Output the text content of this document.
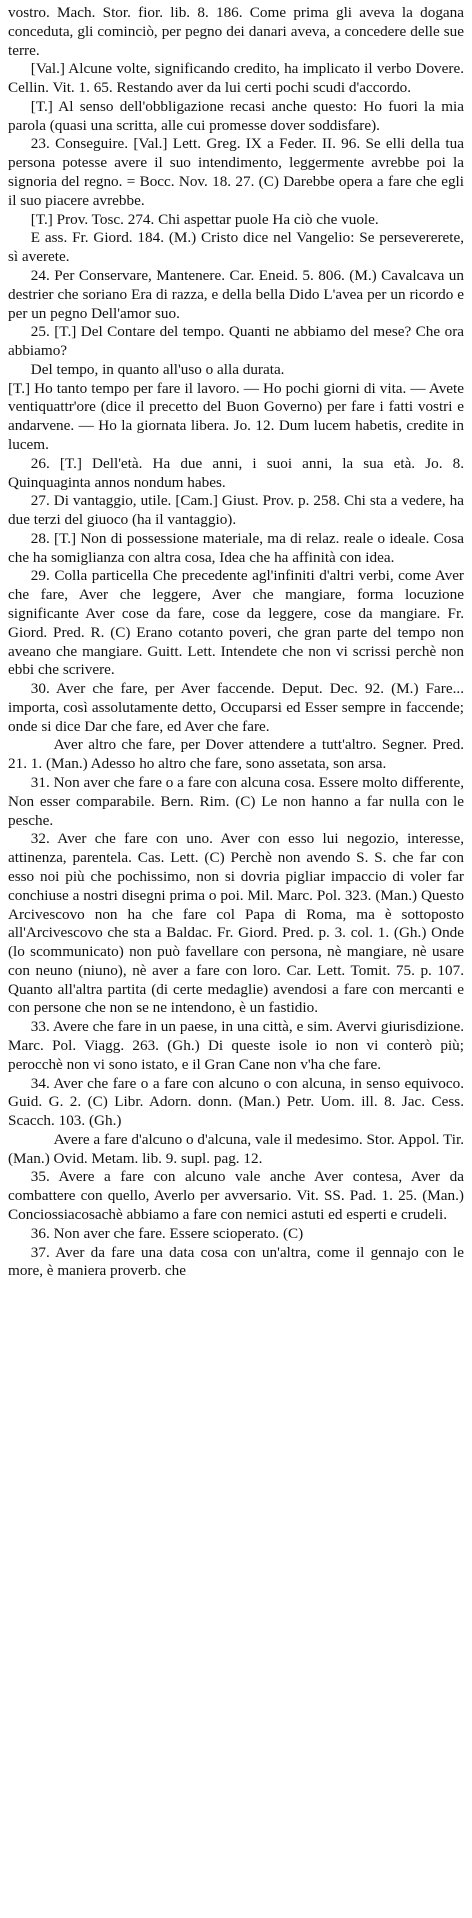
vostro. Mach. Stor. fior. lib. 8. 186. Come prima gli aveva la dogana conceduta, gli cominciò, per pegno dei danari aveva, a concedere delle sue terre.

[Val.] Alcune volte, significando credito, ha implicato il verbo Dovere. Cellin. Vit. 1. 65. Restando aver da lui certi pochi scudi d'accordo.

[T.] Al senso dell'obbligazione recasi anche questo: Ho fuori la mia parola (quasi una scritta, alle cui promesse dover soddisfare).

23. Conseguire. [Val.] Lett. Greg. IX a Feder. II. 96. Se elli della tua persona potesse avere il suo intendimento, leggermente avrebbe poi la signoria del regno. = Bocc. Nov. 18. 27. (C) Darebbe opera a fare che egli il suo piacere avrebbe.

[T.] Prov. Tosc. 274. Chi aspettar puole Ha ciò che vuole.

E ass. Fr. Giord. 184. (M.) Cristo dice nel Vangelio: Se persevererete, sì averete.

24. Per Conservare, Mantenere. Car. Eneid. 5. 806. (M.) Cavalcava un destrier che soriano Era di razza, e della bella Dido L'avea per un ricordo e per un pegno Dell'amor suo.

25. [T.] Del Contare del tempo. Quanti ne abbiamo del mese? Che ora abbiamo?

Del tempo, in quanto all'uso o alla durata.

[T.] Ho tanto tempo per fare il lavoro. — Ho pochi giorni di vita. — Avete ventiquattr'ore (dice il precetto del Buon Governo) per fare i fatti vostri e andarvene. — Ho la giornata libera. Jo. 12. Dum lucem habetis, credite in lucem.

26. [T.] Dell'età. Ha due anni, i suoi anni, la sua età. Jo. 8. Quinquaginta annos nondum habes.

27. Di vantaggio, utile. [Cam.] Giust. Prov. p. 258. Chi sta a vedere, ha due terzi del giuoco (ha il vantaggio).

28. [T.] Non di possessione materiale, ma di relaz. reale o ideale. Cosa che ha somiglianza con altra cosa, Idea che ha affinità con idea.

29. Colla particella Che precedente agl'infiniti d'altri verbi, come Aver che fare, Aver che leggere, Aver che mangiare, forma locuzione significante Aver cose da fare, cose da leggere, cose da mangiare. Fr. Giord. Pred. R. (C) Erano cotanto poveri, che gran parte del tempo non aveano che mangiare. Guitt. Lett. Intendete che non vi scrissi perchè non ebbi che scrivere.

30. Aver che fare, per Aver faccende. Deput. Dec. 92. (M.) Fare... importa, così assolutamente detto, Occuparsi ed Esser sempre in faccende; onde si dice Dar che fare, ed Aver che fare.

Aver altro che fare, per Dover attendere a tutt'altro. Segner. Pred. 21. 1. (Man.) Adesso ho altro che fare, sono assetata, son arsa.

31. Non aver che fare o a fare con alcuna cosa. Essere molto differente, Non esser comparabile. Bern. Rim. (C) Le non hanno a far nulla con le pesche.

32. Aver che fare con uno. Aver con esso lui negozio, interesse, attinenza, parentela. Cas. Lett. (C) Perchè non avendo S. S. che far con esso noi più che pochissimo, non si dovria pigliar impaccio di voler far conchiuse a nostri disegni prima o poi. Mil. Marc. Pol. 323. (Man.) Questo Arcivescovo non ha che fare col Papa di Roma, ma è sottoposto all'Arcivescovo che sta a Baldac. Fr. Giord. Pred. p. 3. col. 1. (Gh.) Onde (lo scommunicato) non può favellare con persona, nè mangiare, nè usare con neuno (niuno), nè aver a fare con loro. Car. Lett. Tomit. 75. p. 107. Quanto all'altra partita (di certe medaglie) avendosi a fare con mercanti e con persone che non se ne intendono, è un fastidio.

33. Avere che fare in un paese, in una città, e sim. Avervi giurisdizione. Marc. Pol. Viagg. 263. (Gh.) Di queste isole io non vi conterò più; perocchè non vi sono istato, e il Gran Cane non v'ha che fare.

34. Aver che fare o a fare con alcuno o con alcuna, in senso equivoco. Guid. G. 2. (C) Libr. Adorn. donn. (Man.) Petr. Uom. ill. 8. Jac. Cess. Scacch. 103. (Gh.)

Avere a fare d'alcuno o d'alcuna, vale il medesimo. Stor. Appol. Tir. (Man.) Ovid. Metam. lib. 9. supl. pag. 12.

35. Avere a fare con alcuno vale anche Aver contesa, Aver da combattere con quello, Averlo per avversario. Vit. SS. Pad. 1. 25. (Man.) Conciossiacosachè abbiamo a fare con nemici astuti ed esperti e crudeli.

36. Non aver che fare. Essere scioperato. (C)

37. Aver da fare una data cosa con un'altra, come il gennajo con le more, è maniera proverb. che
